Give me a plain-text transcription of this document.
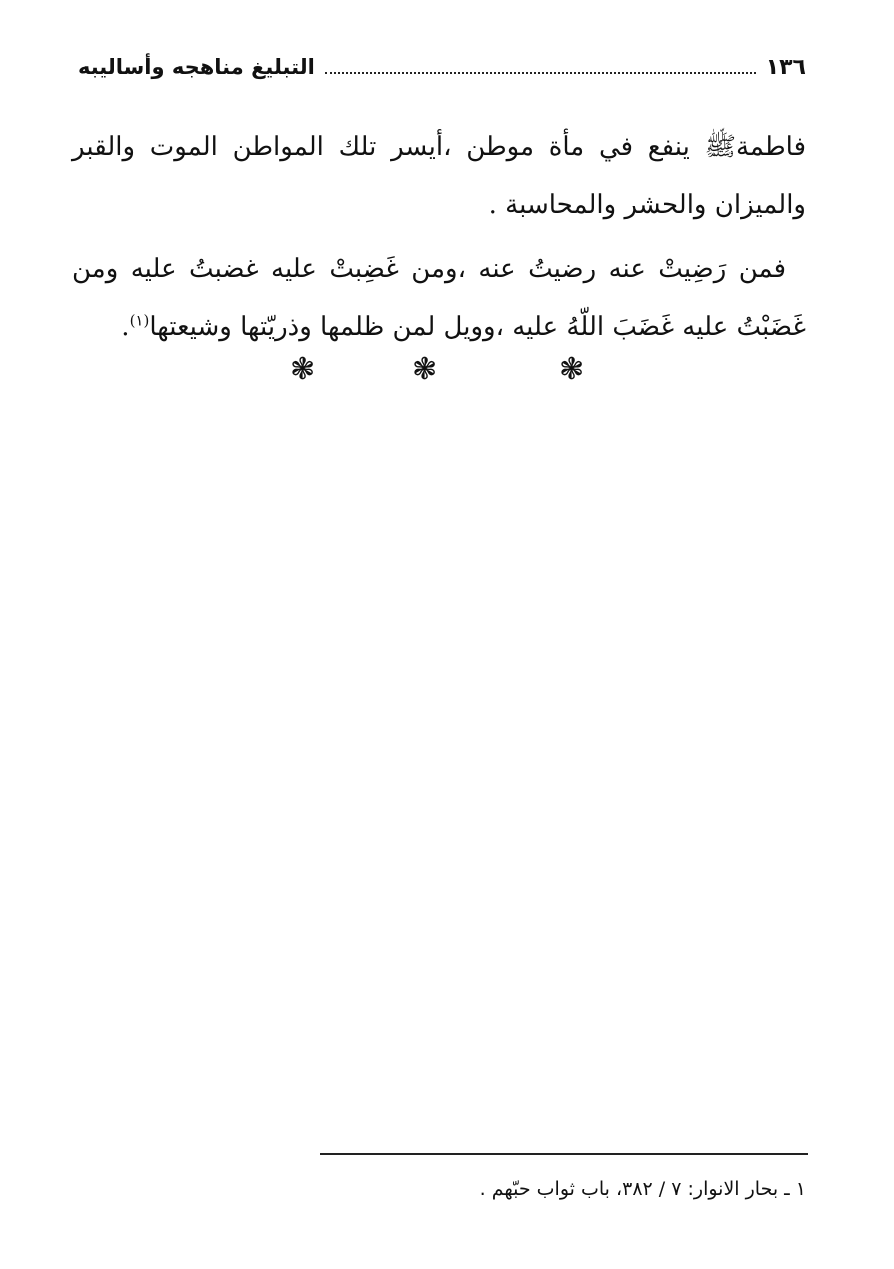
١٣٦
التبليغ مناهجه وأساليبه

فاطمةﷺ ينفع في مأة موطن ،أيسر تلك المواطن الموت والقبر والميزان والحشر والمحاسبة .

فمن رَضِيتْ عنه رضيتُ عنه ،ومن غَضِبتْ عليه غضبتُ عليه ومن غَضَبْتُ عليه غَضَبَ اللّهُ عليه ،وويل لمن ظلمها وذريّتها وشيعتها$^{(١)}$.

❃
❃
❃
١ ـ بحار الانوار: ٧ / ٣٨٢، باب ثواب حبّهم .
